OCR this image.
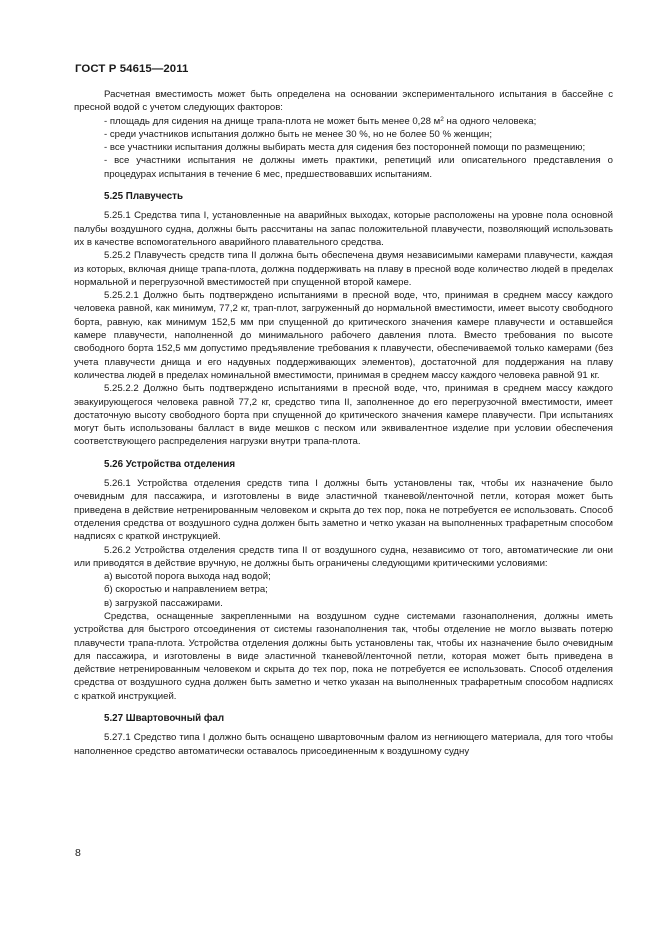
ГОСТ Р 54615—2011

Расчетная вместимость может быть определена на основании экспериментального испытания в бассейне с пресной водой с учетом следующих факторов:

- площадь для сидения на днище трапа-плота не может быть менее 0,28 $м^2$ на одного человека;

- среди участников испытания должно быть не менее 30 %, но не более 50 % женщин;

- все участники испытания должны выбирать места для сидения без посторонней помощи по размещению;

- все участники испытания не должны иметь практики, репетиций или описательного представления о процедурах испытания в течение 6 мес, предшествовавших испытаниям.

5.25 Плавучесть

5.25.1 Средства типа I, установленные на аварийных выходах, которые расположены на уровне пола основной палубы воздушного судна, должны быть рассчитаны на запас положительной плавучести, позволяющий использовать их в качестве вспомогательного аварийного плавательного средства.

5.25.2 Плавучесть средств типа II должна быть обеспечена двумя независимыми камерами плавучести, каждая из которых, включая днище трапа-плота, должна поддерживать на плаву в пресной воде количество людей в пределах нормальной и перегрузочной вместимостей при спущенной второй камере.

5.25.2.1 Должно быть подтверждено испытаниями в пресной воде, что, принимая в среднем массу каждого человека равной, как минимум, 77,2 кг, трап-плот, загруженный до нормальной вместимости, имеет высоту свободного борта, равную, как минимум 152,5 мм при спущенной до критического значения камере плавучести и оставшейся камере плавучести, наполненной до минимального рабочего давления плота. Вместо требования по высоте свободного борта 152,5 мм допустимо предъявление требования к плавучести, обеспечиваемой только камерами (без учета плавучести днища и его надувных поддерживающих элементов), достаточной для поддержания на плаву количества людей в пределах номинальной вместимости, принимая в среднем массу каждого человека равной 91 кг.

5.25.2.2 Должно быть подтверждено испытаниями в пресной воде, что, принимая в среднем массу каждого эвакуирующегося человека равной 77,2 кг, средство типа II, заполненное до его перегрузочной вместимости, имеет достаточную высоту свободного борта при спущенной до критического значения камере плавучести. При испытаниях могут быть использованы балласт в виде мешков с песком или эквивалентное изделие при условии обеспечения соответствующего распределения нагрузки внутри трапа-плота.

5.26 Устройства отделения

5.26.1 Устройства отделения средств типа I должны быть установлены так, чтобы их назначение было очевидным для пассажира, и изготовлены в виде эластичной тканевой/ленточной петли, которая может быть приведена в действие нетренированным человеком и скрыта до тех пор, пока не потребуется ее использовать. Способ отделения средства от воздушного судна должен быть заметно и четко указан на выполненных трафаретным способом надписях с краткой инструкцией.

5.26.2 Устройства отделения средств типа II от воздушного судна, независимо от того, автоматические ли они или приводятся в действие вручную, не должны быть ограничены следующими критическими условиями:

а) высотой порога выхода над водой;

б) скоростью и направлением ветра;

в) загрузкой пассажирами.

Средства, оснащенные закрепленными на воздушном судне системами газонаполнения, должны иметь устройства для быстрого отсоединения от системы газонаполнения так, чтобы отделение не могло вызвать потерю плавучести трапа-плота. Устройства отделения должны быть установлены так, чтобы их назначение было очевидным для пассажира, и изготовлены в виде эластичной тканевой/ленточной петли, которая может быть приведена в действие нетренированным человеком и скрыта до тех пор, пока не потребуется ее использовать. Способ отделения средства от воздушного судна должен быть заметно и четко указан на выполненных трафаретным способом надписях с краткой инструкцией.

5.27 Швартовочный фал

5.27.1 Средство типа I должно быть оснащено швартовочным фалом из негниющего материала, для того чтобы наполненное средство автоматически оставалось присоединенным к воздушному судну

8
